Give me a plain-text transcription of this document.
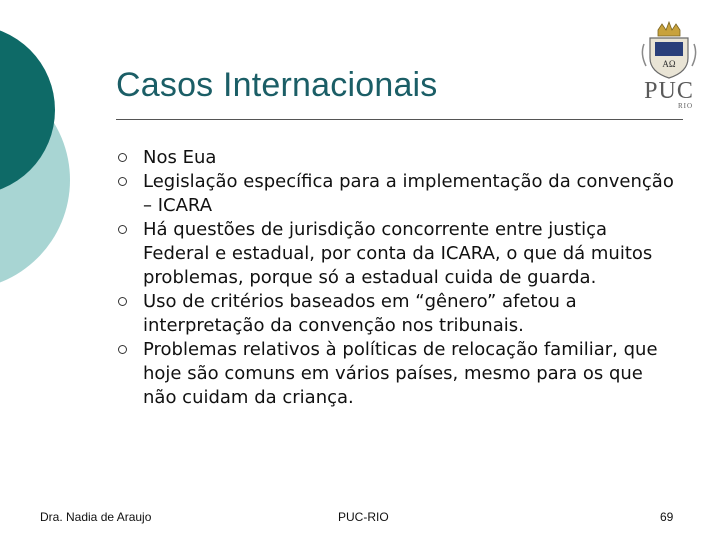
Casos Internacionais
AΩ
PUC
RIO
Nos Eua
Legislação específica para a implementação da convenção – ICARA
Há questões de jurisdição concorrente entre justiça Federal e estadual, por conta da ICARA, o que dá muitos problemas, porque só a estadual cuida de guarda.
Uso de critérios baseados em “gênero” afetou a interpretação da convenção nos tribunais.
Problemas relativos à políticas de relocação familiar, que hoje são comuns em vários países, mesmo para os que não cuidam da criança.
Dra. Nadia de Araujo	PUC-RIO	69
